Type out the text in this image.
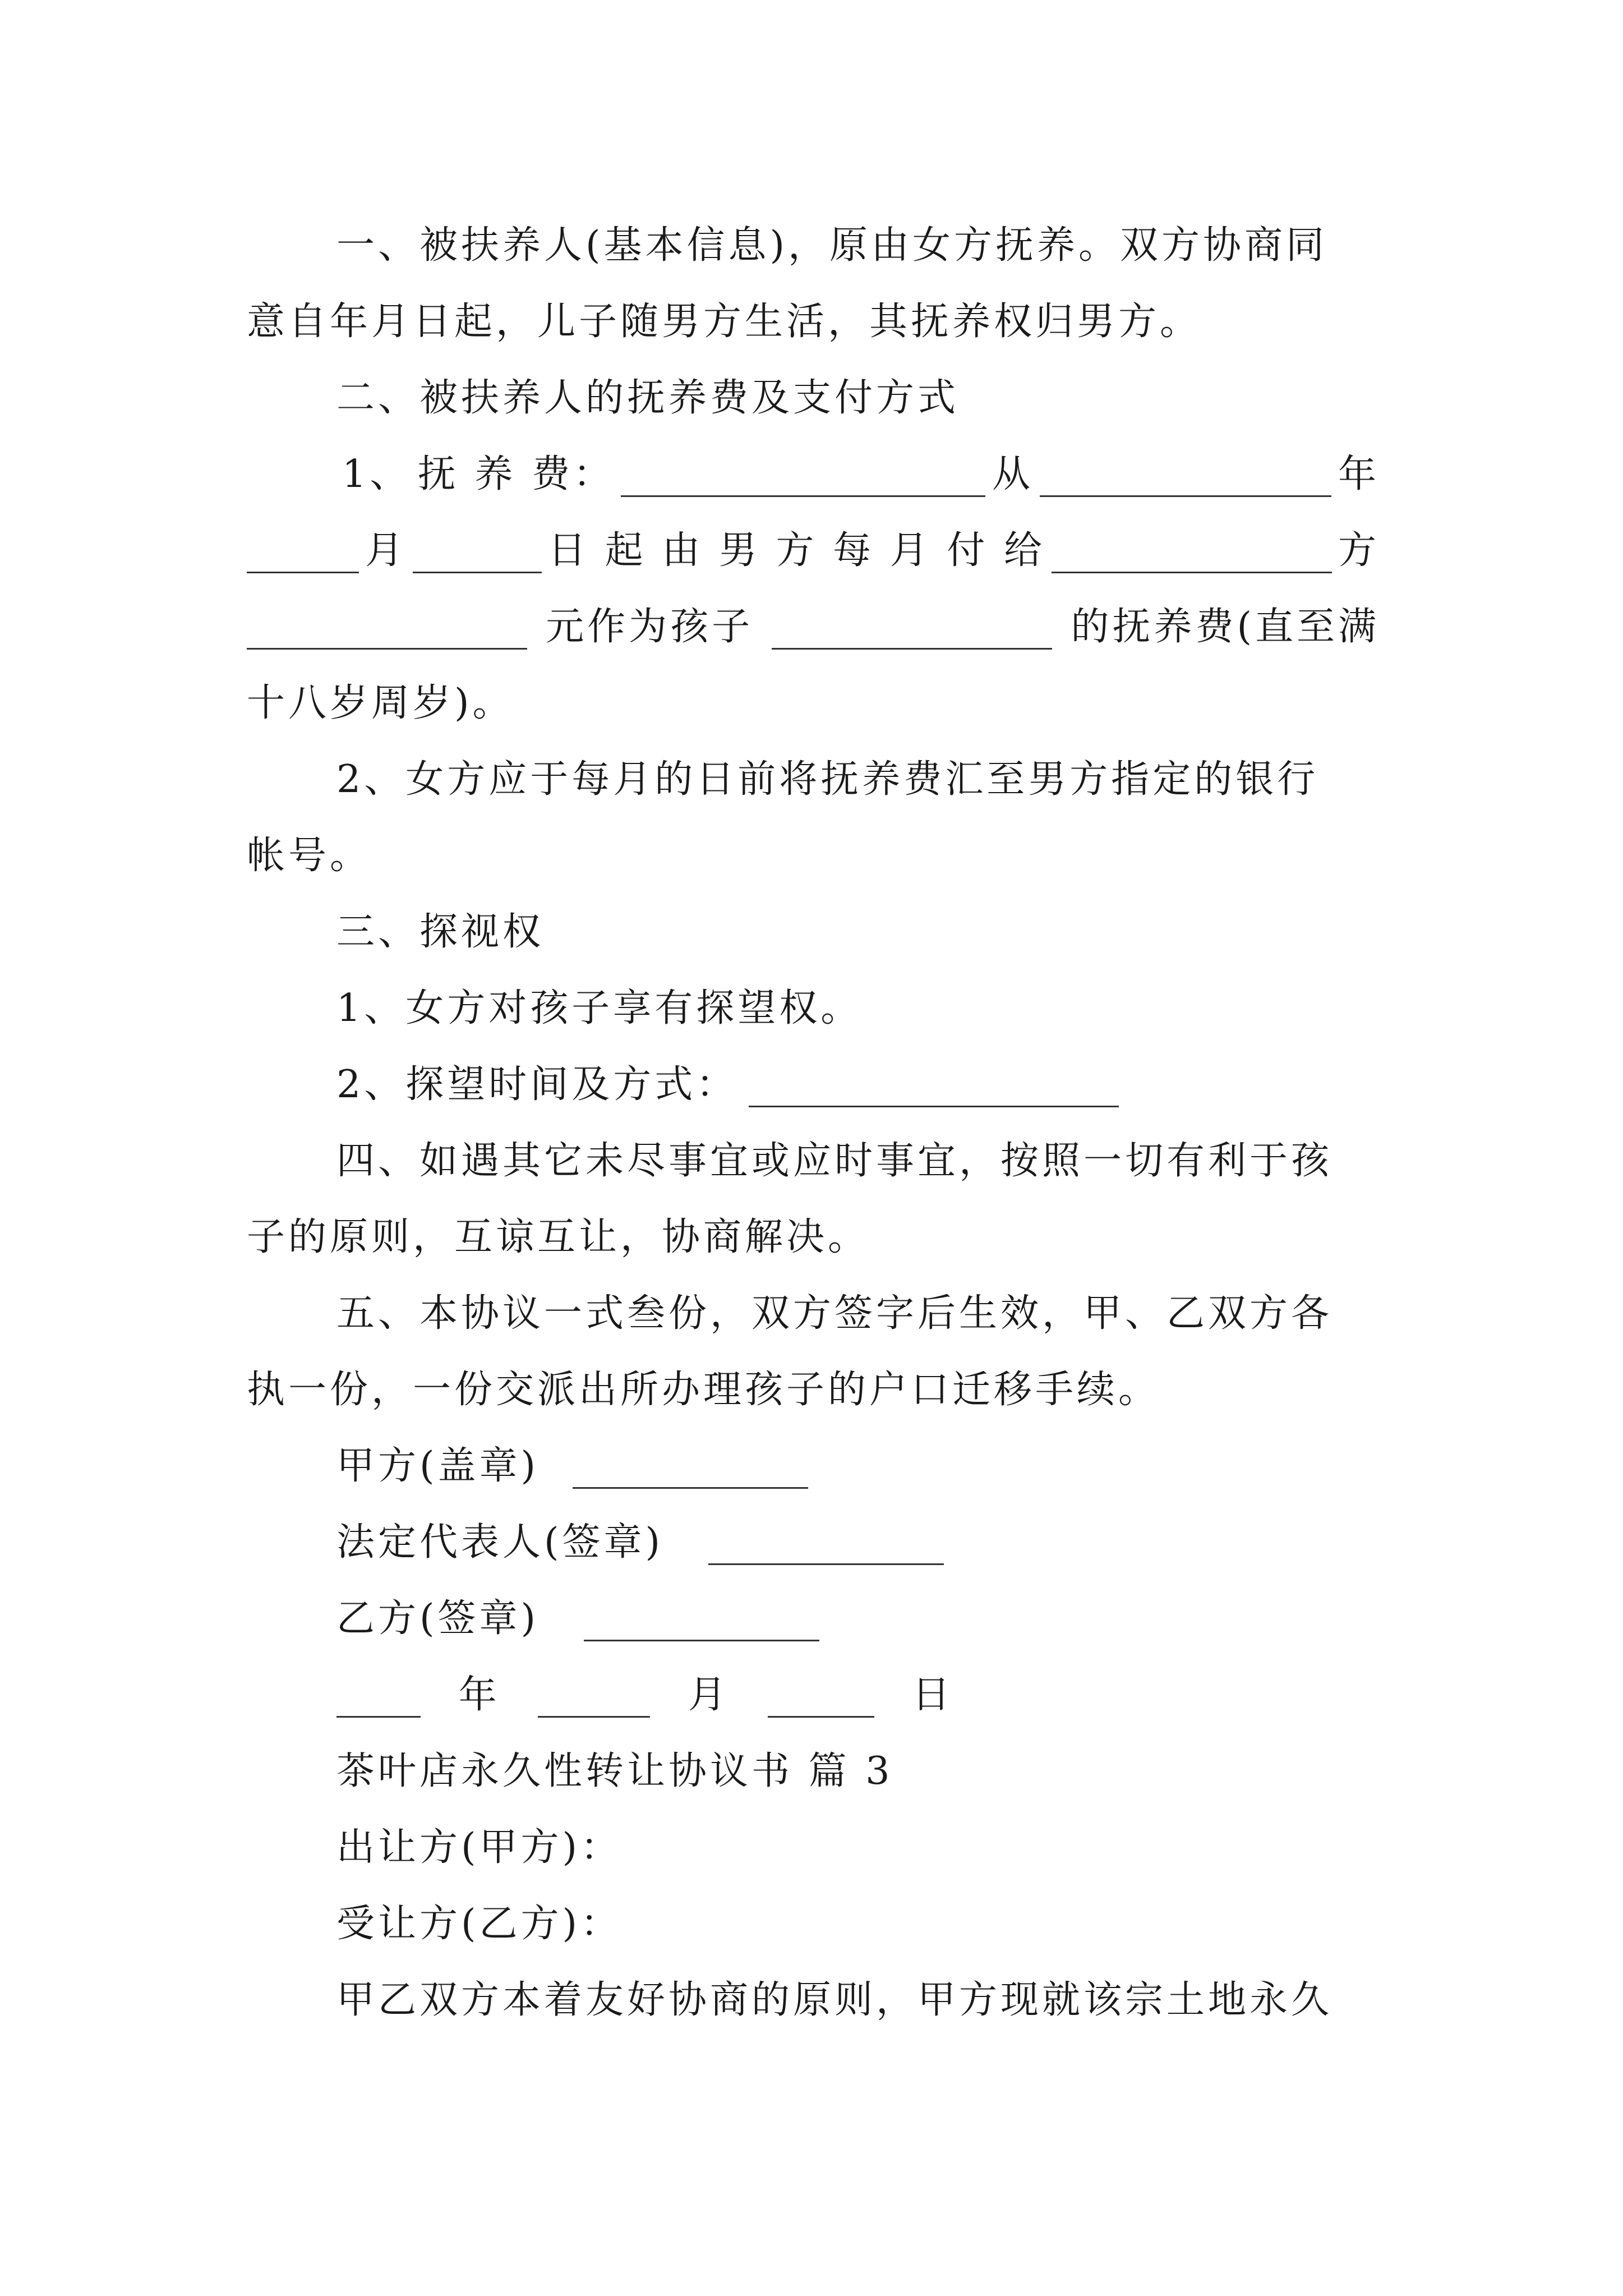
一、被扶养人(基本信息)，原由女方抚养。双方协商同
意自年月日起，儿子随男方生活，其抚养权归男方。
二、被扶养人的抚养费及支付方式
1、 抚 养 费：	从	年
月	日 起 由 男 方 每 月 付 给	方
元作为孩子	的抚养费(直至满
十八岁周岁)。
2、女方应于每月的日前将抚养费汇至男方指定的银行
帐号。
三、探视权
1、女方对孩子享有探望权。
2、探望时间及方式：
四、如遇其它未尽事宜或应时事宜，按照一切有利于孩
子的原则，互谅互让，协商解决。
五、本协议一式叁份，双方签字后生效，甲、乙双方各
执一份，一份交派出所办理孩子的户口迁移手续。
甲方(盖章)
法定代表人(签章)
乙方(签章)
年	月	日
茶叶店永久性转让协议书 篇 3
出让方(甲方)：
受让方(乙方)：
甲乙双方本着友好协商的原则，甲方现就该宗土地永久
